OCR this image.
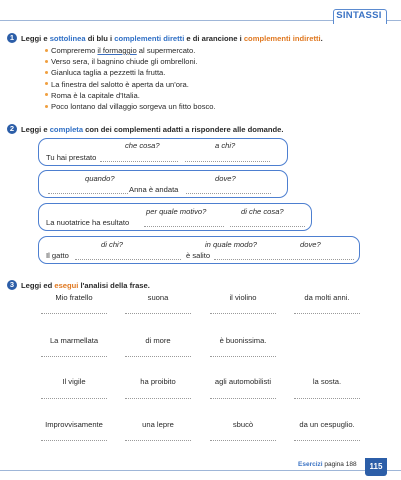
SINTASSI
1 Leggi e sottolinea di blu i complementi diretti e di arancione i complementi indiretti.
Compreremo il formaggio al supermercato.
Verso sera, il bagnino chiude gli ombrelloni.
Gianluca taglia a pezzetti la frutta.
La finestra del salotto è aperta da un'ora.
Roma è la capitale d'Italia.
Poco lontano dal villaggio sorgeva un fitto bosco.
2 Leggi e completa con dei complementi adatti a rispondere alle domande.
che cosa?	a chi?
Tu hai prestato
quando?	dove?
Anna è andata
per quale motivo?	di che cosa?
La nuotatrice ha esultato
di chi?	in quale modo?	dove?
Il gatto	è salito
3 Leggi ed esegui l'analisi della frase.
Mio fratello	suona	il violino	da molti anni.
La marmellata	di more	è buonissima.
Il vigile	ha proibito	agli automobilisti	la sosta.
Improvvisamente	una lepre	sbucò	da un cespuglio.
Esercizi pagina 188	115
